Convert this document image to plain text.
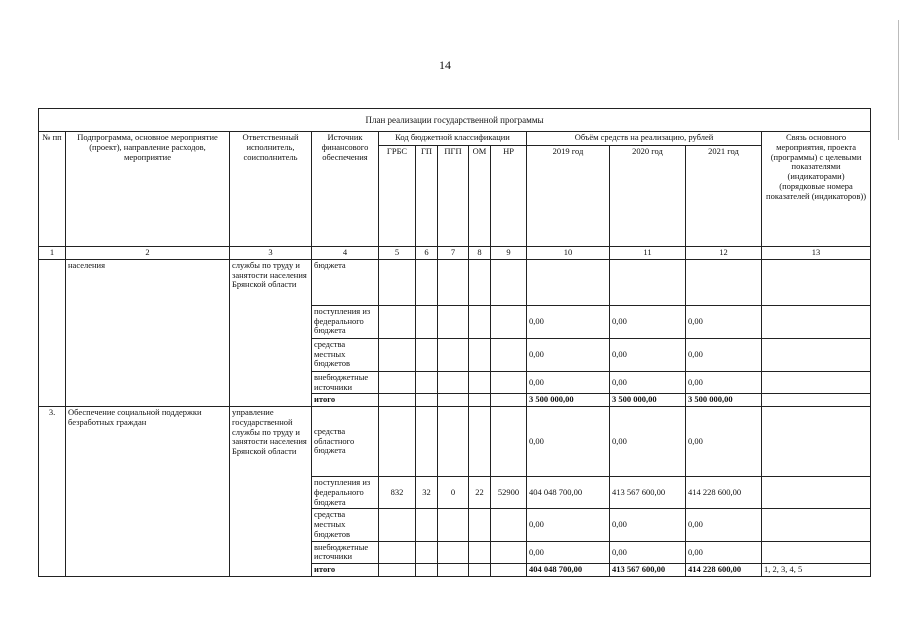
14
План реализации государственной программы												
№ пп	Подпрограмма, основное мероприятие (проект), направление расходов, мероприятие	Ответственный исполнитель, соисполнитель	Источник финансового обеспечения	Код бюджетной классификации					Объём средств на реализацию, рублей			Связь основного мероприятия, проекта (программы) с целевыми показателями (индикаторами) (порядковые номера показателей (индикаторов))
				ГРБС	ГП	ПГП	ОМ	НР	2019 год	2020 год	2021 год	
1	2	3	4	5	6	7	8	9	10	11	12	13
	населения	службы по труду и занятости населения Брянской области	бюджета									
			поступления из федерального бюджета						0,00	0,00	0,00	
			средства местных бюджетов						0,00	0,00	0,00	
			внебюджетные источники						0,00	0,00	0,00	
			итого						3 500 000,00	3 500 000,00	3 500 000,00	
3.	Обеспечение социальной поддержки безработных граждан	управление государственной службы по труду и занятости населения Брянской области	средства областного бюджета						0,00	0,00	0,00	
			поступления из федерального бюджета	832	32	0	22	52900	404 048 700,00	413 567 600,00	414 228 600,00	
			средства местных бюджетов						0,00	0,00	0,00	
			внебюджетные источники						0,00	0,00	0,00	
			итого						404 048 700,00	413 567 600,00	414 228 600,00	1, 2, 3, 4, 5
